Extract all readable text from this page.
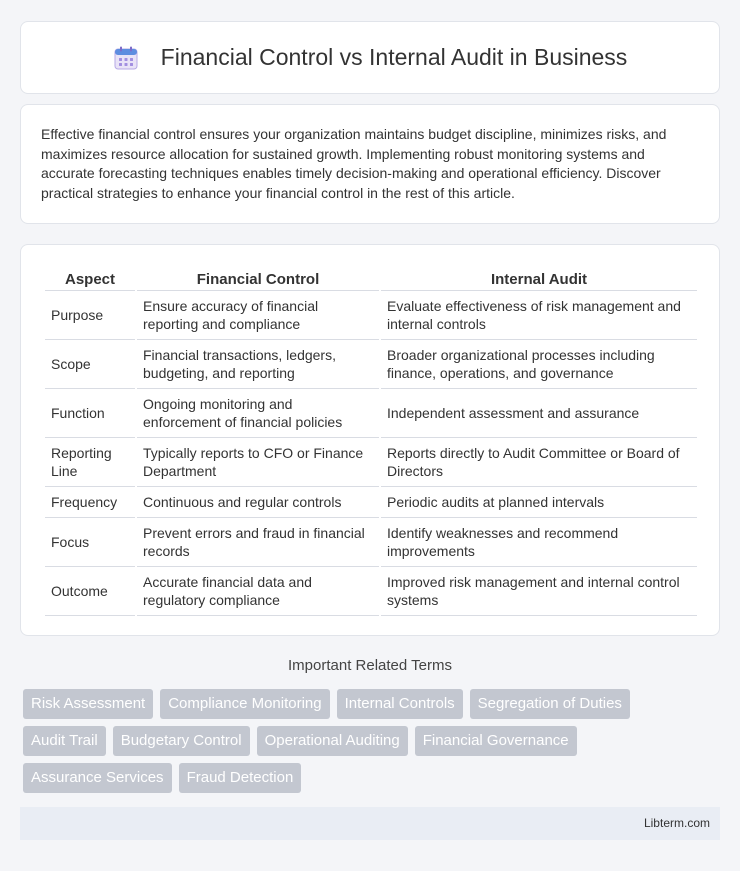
Financial Control vs Internal Audit in Business

Effective financial control ensures your organization maintains budget discipline, minimizes risks, and maximizes resource allocation for sustained growth. Implementing robust monitoring systems and accurate forecasting techniques enables timely decision-making and operational efficiency. Discover practical strategies to enhance your financial control in the rest of this article.

Aspect	Financial Control	Internal Audit
Purpose	Ensure accuracy of financial reporting and compliance	Evaluate effectiveness of risk management and internal controls
Scope	Financial transactions, ledgers, budgeting, and reporting	Broader organizational processes including finance, operations, and governance
Function	Ongoing monitoring and enforcement of financial policies	Independent assessment and assurance
Reporting Line	Typically reports to CFO or Finance Department	Reports directly to Audit Committee or Board of Directors
Frequency	Continuous and regular controls	Periodic audits at planned intervals
Focus	Prevent errors and fraud in financial records	Identify weaknesses and recommend improvements
Outcome	Accurate financial data and regulatory compliance	Improved risk management and internal control systems
Important Related Terms
Risk Assessment	Compliance Monitoring	Internal Controls	Segregation of Duties
Audit Trail	Budgetary Control	Operational Auditing	Financial Governance
Assurance Services	Fraud Detection
Libterm.com
